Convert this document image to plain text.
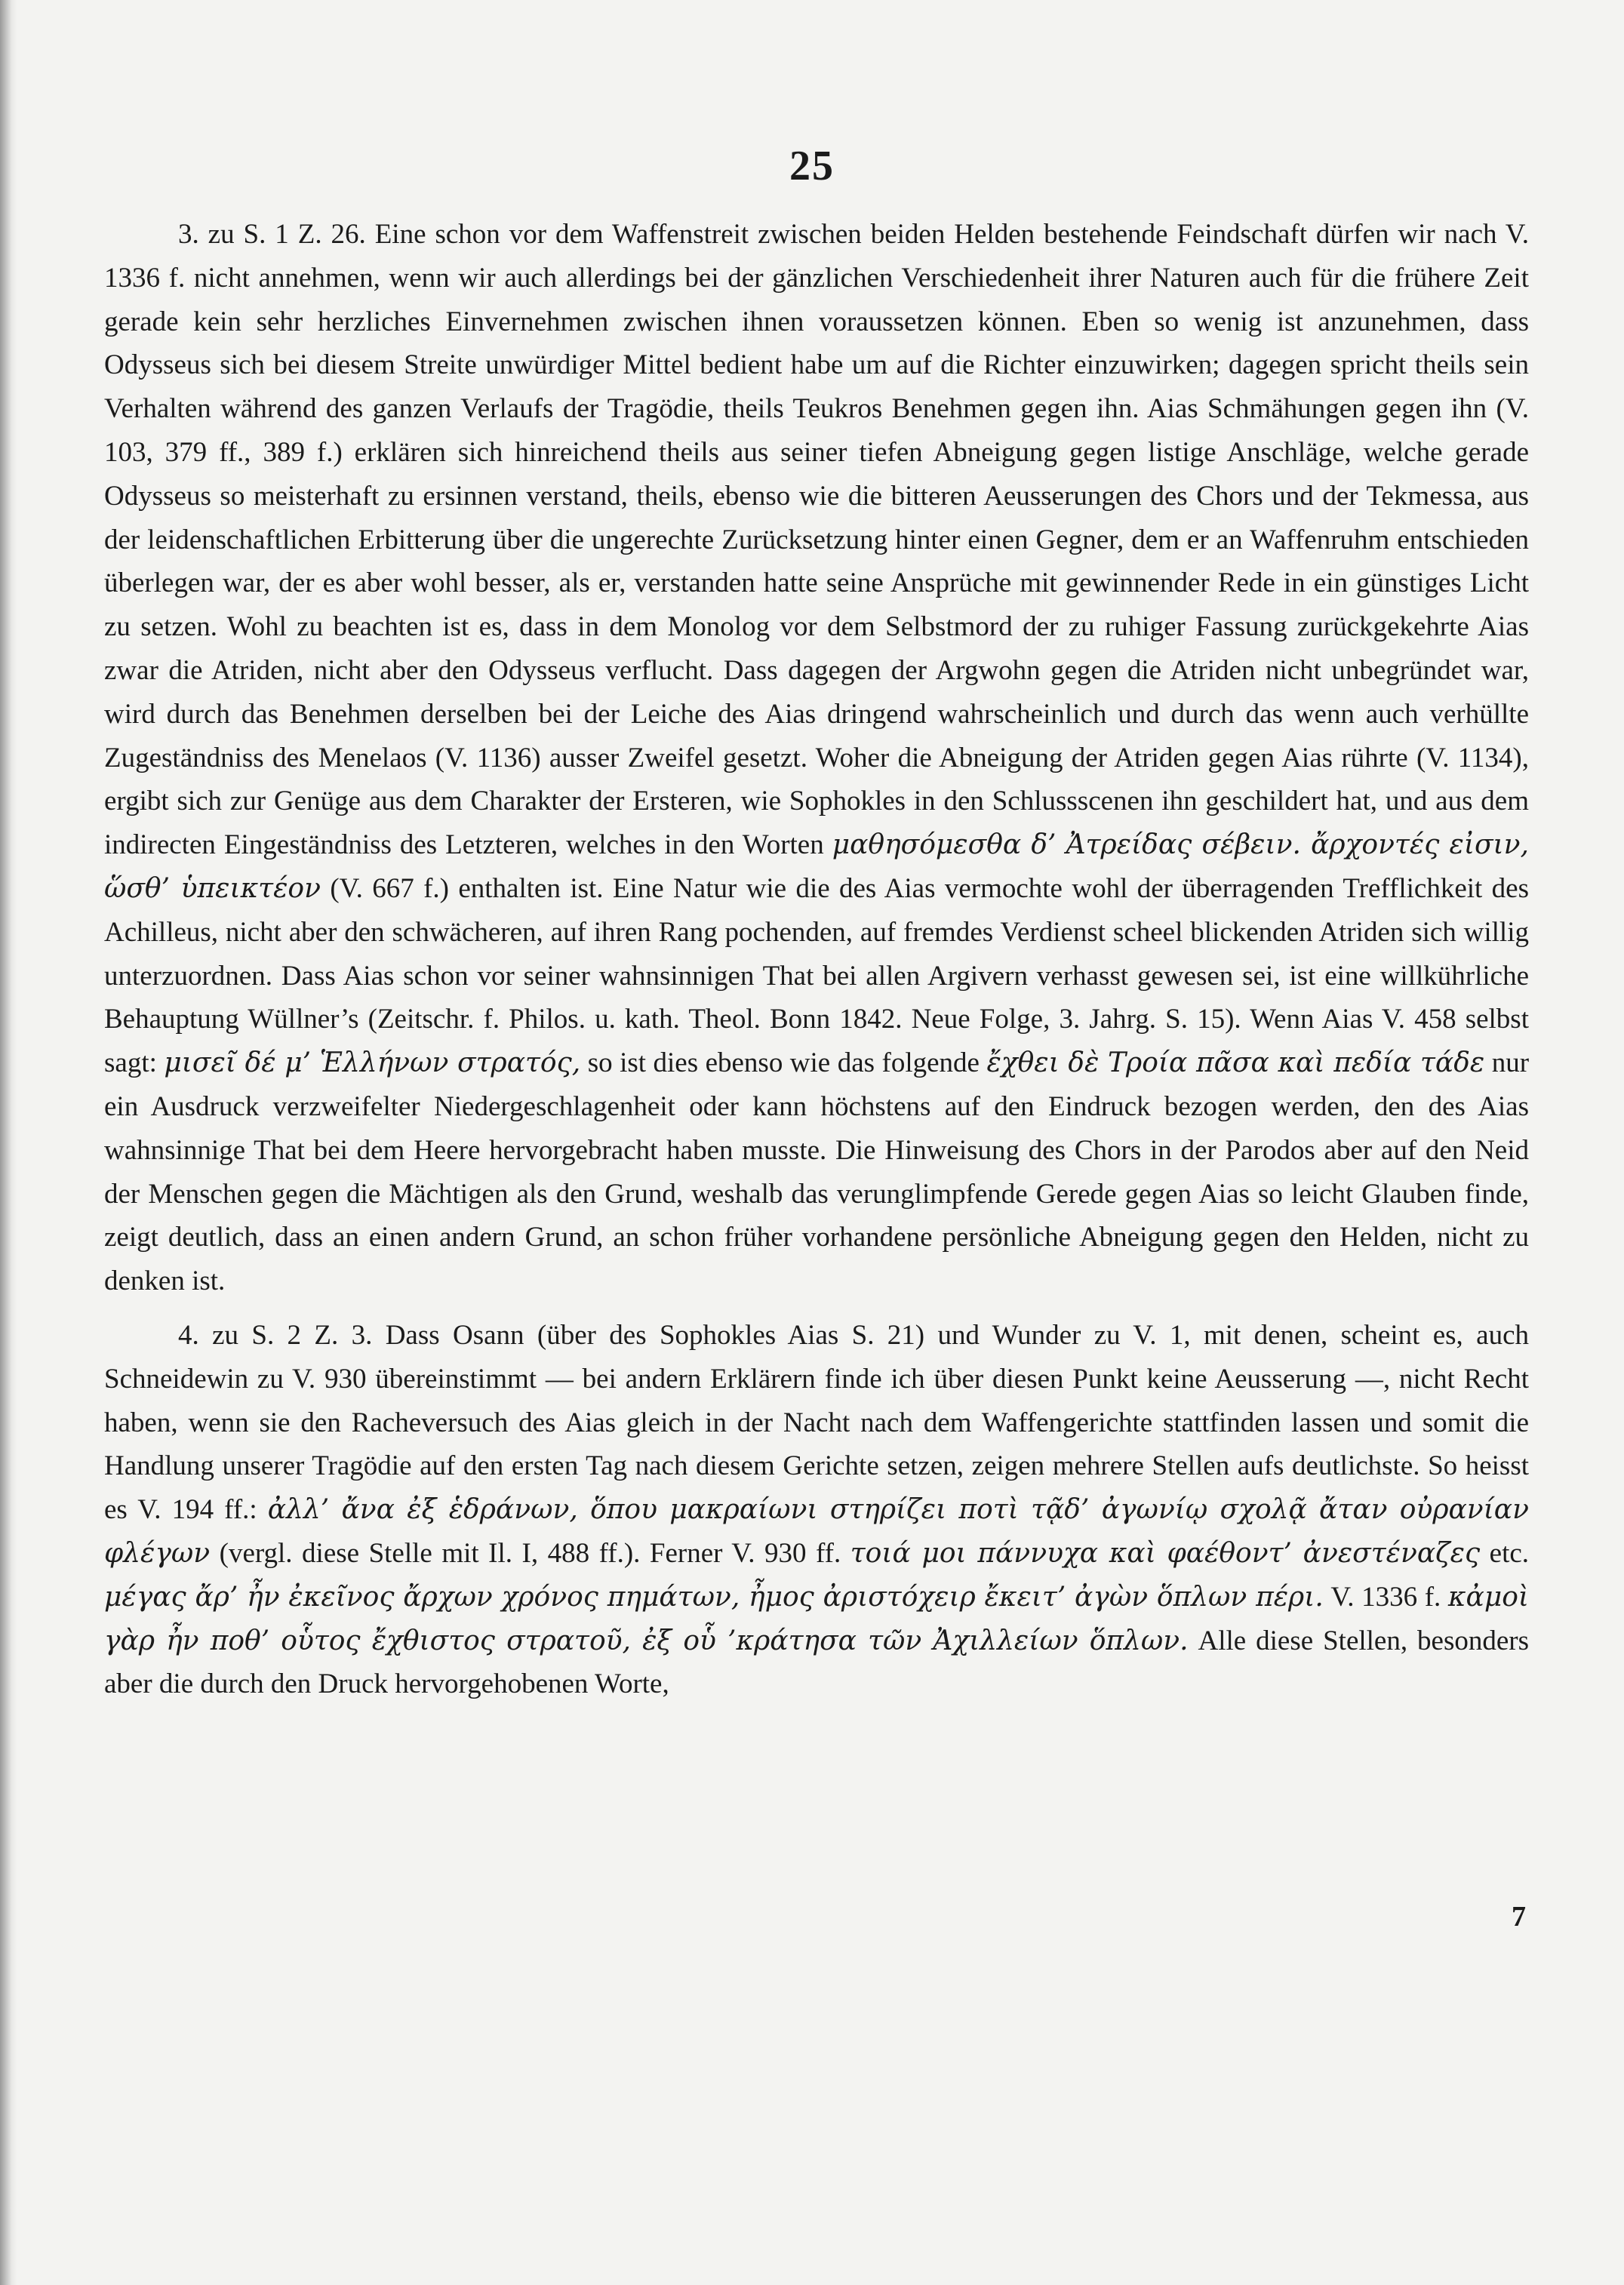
25

3. zu S. 1 Z. 26. Eine schon vor dem Waffenstreit zwischen beiden Helden bestehende Feindschaft dürfen wir nach V. 1336 f. nicht annehmen, wenn wir auch allerdings bei der gänzlichen Verschiedenheit ihrer Naturen auch für die frühere Zeit gerade kein sehr herzliches Einvernehmen zwischen ihnen voraussetzen können. Eben so wenig ist anzunehmen, dass Odysseus sich bei diesem Streite unwürdiger Mittel bedient habe um auf die Richter einzuwirken; dagegen spricht theils sein Verhalten während des ganzen Verlaufs der Tragödie, theils Teukros Benehmen gegen ihn. Aias Schmähungen gegen ihn (V. 103, 379 ff., 389 f.) erklären sich hinreichend theils aus seiner tiefen Abneigung gegen listige Anschläge, welche gerade Odysseus so meisterhaft zu ersinnen verstand, theils, ebenso wie die bitteren Aeusserungen des Chors und der Tekmessa, aus der leidenschaftlichen Erbitterung über die ungerechte Zurücksetzung hinter einen Gegner, dem er an Waffenruhm entschieden überlegen war, der es aber wohl besser, als er, verstanden hatte seine Ansprüche mit gewinnender Rede in ein günstiges Licht zu setzen. Wohl zu beachten ist es, dass in dem Monolog vor dem Selbstmord der zu ruhiger Fassung zurückgekehrte Aias zwar die Atriden, nicht aber den Odysseus verflucht. Dass dagegen der Argwohn gegen die Atriden nicht unbegründet war, wird durch das Benehmen derselben bei der Leiche des Aias dringend wahrscheinlich und durch das wenn auch verhüllte Zugeständniss des Menelaos (V. 1136) ausser Zweifel gesetzt. Woher die Abneigung der Atriden gegen Aias rührte (V. 1134), ergibt sich zur Genüge aus dem Charakter der Ersteren, wie Sophokles in den Schlussscenen ihn geschildert hat, und aus dem indirecten Eingeständniss des Letzteren, welches in den Worten μαθησόμεσθα δ’ Ἀτρείδας σέβειν. ἄρχοντές εἰσιν, ὥσθ’ ὑπεικτέον (V. 667 f.) enthalten ist. Eine Natur wie die des Aias vermochte wohl der überragenden Trefflichkeit des Achilleus, nicht aber den schwächeren, auf ihren Rang pochenden, auf fremdes Verdienst scheel blickenden Atriden sich willig unterzuordnen. Dass Aias schon vor seiner wahnsinnigen That bei allen Argivern verhasst gewesen sei, ist eine willkührliche Behauptung Wüllner’s (Zeitschr. f. Philos. u. kath. Theol. Bonn 1842. Neue Folge, 3. Jahrg. S. 15). Wenn Aias V. 458 selbst sagt: μισεῖ δέ μ’ Ἑλλήνων στρατός, so ist dies ebenso wie das folgende ἔχθει δὲ Τροία πᾶσα καὶ πεδία τάδε nur ein Ausdruck verzweifelter Niedergeschlagenheit oder kann höchstens auf den Eindruck bezogen werden, den des Aias wahnsinnige That bei dem Heere hervorgebracht haben musste. Die Hinweisung des Chors in der Parodos aber auf den Neid der Menschen gegen die Mächtigen als den Grund, weshalb das verunglimpfende Gerede gegen Aias so leicht Glauben finde, zeigt deutlich, dass an einen andern Grund, an schon früher vorhandene persönliche Abneigung gegen den Helden, nicht zu denken ist.

4. zu S. 2 Z. 3. Dass Osann (über des Sophokles Aias S. 21) und Wunder zu V. 1, mit denen, scheint es, auch Schneidewin zu V. 930 übereinstimmt — bei andern Erklärern finde ich über diesen Punkt keine Aeusserung —, nicht Recht haben, wenn sie den Racheversuch des Aias gleich in der Nacht nach dem Waffengerichte stattfinden lassen und somit die Handlung unserer Tragödie auf den ersten Tag nach diesem Gerichte setzen, zeigen mehrere Stellen aufs deutlichste. So heisst es V. 194 ff.: ἀλλ’ ἄνα ἐξ ἑδράνων, ὅπου μακραίωνι στηρίζει ποτὶ τᾷδ’ ἀγωνίῳ σχολᾷ ἄταν οὐρανίαν φλέγων (vergl. diese Stelle mit Il. I, 488 ff.). Ferner V. 930 ff. τοιά μοι πάννυχα καὶ φαέθοντ’ ἀνεστέναζες etc. μέγας ἄρ’ ἦν ἐκεῖνος ἄρχων χρόνος πημάτων, ἦμος ἀριστόχειρ ἔκειτ’ ἀγὼν ὅπλων πέρι. V. 1336 f. κἀμοὶ γὰρ ἦν ποθ’ οὗτος ἔχθιστος στρατοῦ, ἐξ οὗ ’κράτησα τῶν Ἀχιλλείων ὅπλων. Alle diese Stellen, besonders aber die durch den Druck hervorgehobenen Worte,

7
